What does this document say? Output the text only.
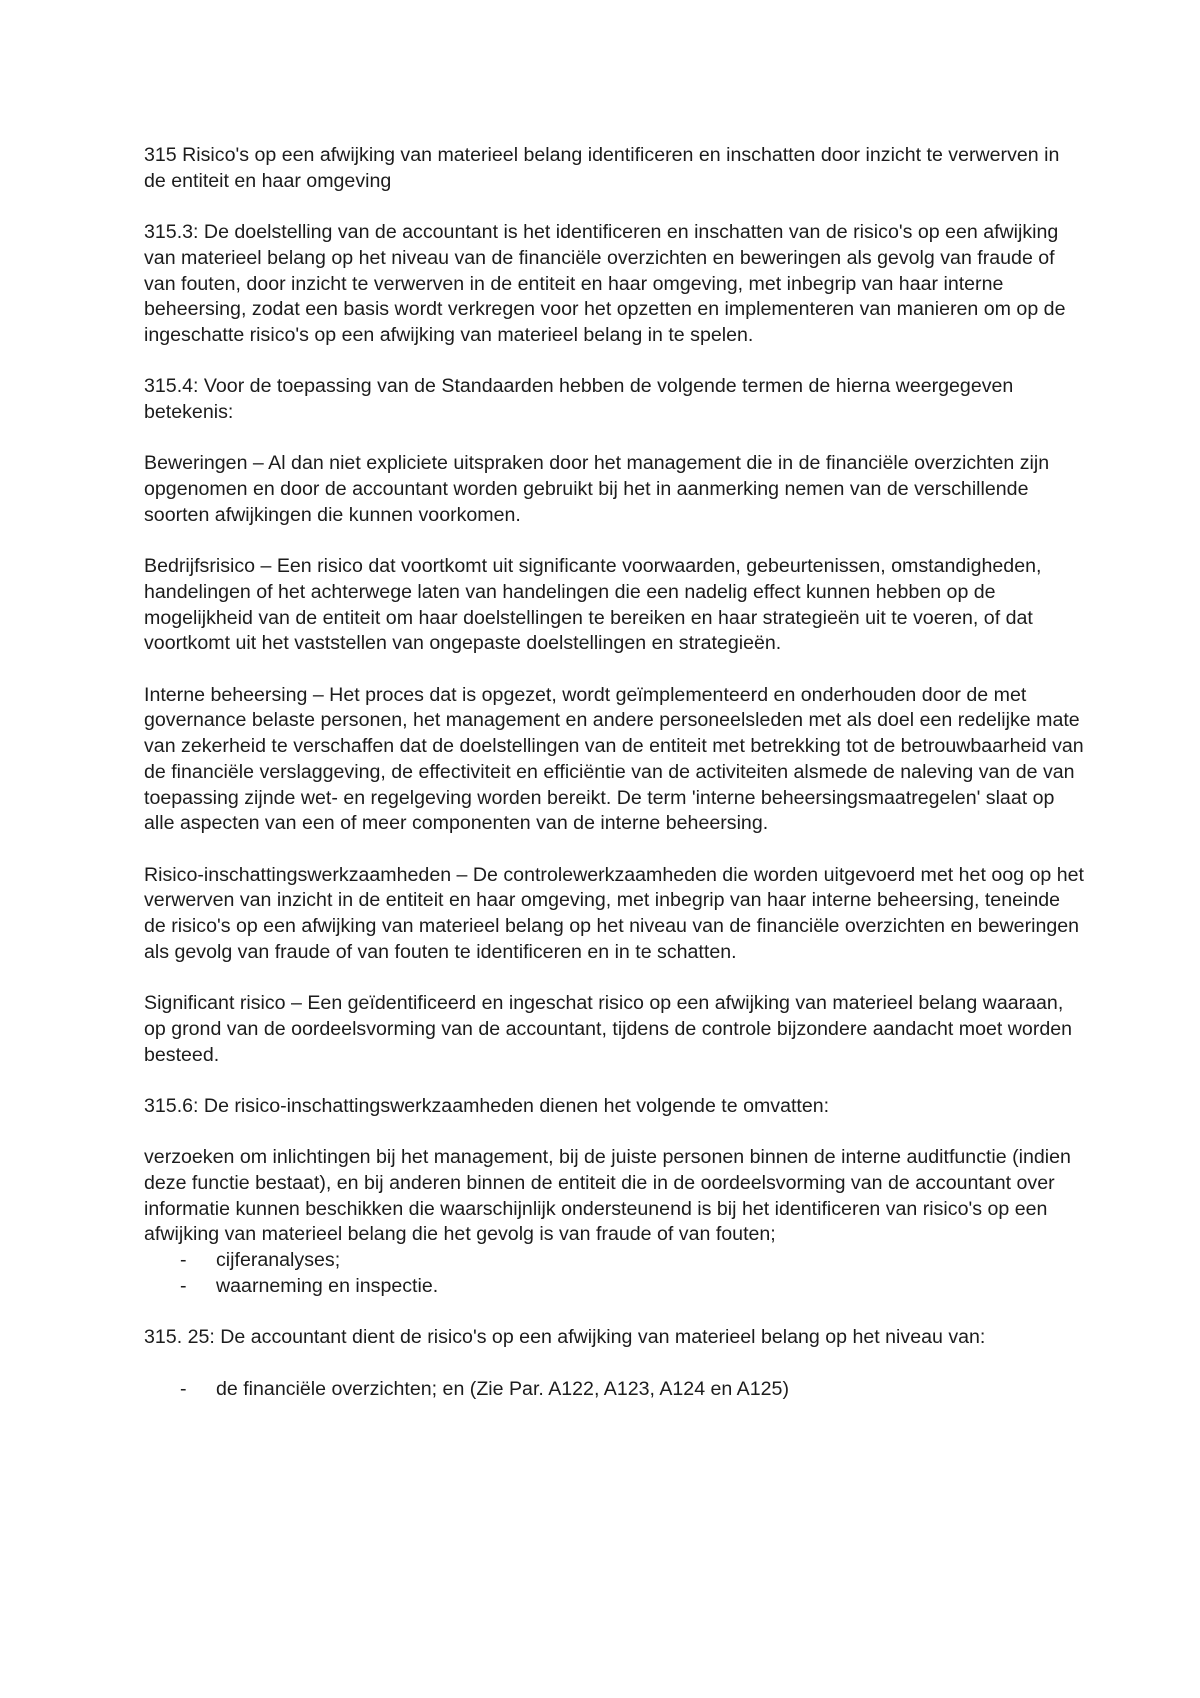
315 Risico's op een afwijking van materieel belang identificeren en inschatten door inzicht te verwerven in de entiteit en haar omgeving

315.3: De doelstelling van de accountant is het identificeren en inschatten van de risico's op een afwijking van materieel belang op het niveau van de financiële overzichten en beweringen als gevolg van fraude of van fouten, door inzicht te verwerven in de entiteit en haar omgeving, met inbegrip van haar interne beheersing, zodat een basis wordt verkregen voor het opzetten en implementeren van manieren om op de ingeschatte risico's op een afwijking van materieel belang in te spelen.

315.4: Voor de toepassing van de Standaarden hebben de volgende termen de hierna weergegeven betekenis:

Beweringen – Al dan niet expliciete uitspraken door het management die in de financiële overzichten zijn opgenomen en door de accountant worden gebruikt bij het in aanmerking nemen van de verschillende soorten afwijkingen die kunnen voorkomen.

Bedrijfsrisico – Een risico dat voortkomt uit significante voorwaarden, gebeurtenissen, omstandigheden, handelingen of het achterwege laten van handelingen die een nadelig effect kunnen hebben op de mogelijkheid van de entiteit om haar doelstellingen te bereiken en haar strategieën uit te voeren, of dat voortkomt uit het vaststellen van ongepaste doelstellingen en strategieën.

Interne beheersing – Het proces dat is opgezet, wordt geïmplementeerd en onderhouden door de met governance belaste personen, het management en andere personeelsleden met als doel een redelijke mate van zekerheid te verschaffen dat de doelstellingen van de entiteit met betrekking tot de betrouwbaarheid van de financiële verslaggeving, de effectiviteit en efficiëntie van de activiteiten alsmede de naleving van de van toepassing zijnde wet- en regelgeving worden bereikt. De term 'interne beheersingsmaatregelen' slaat op alle aspecten van een of meer componenten van de interne beheersing.

Risico-inschattingswerkzaamheden – De controlewerkzaamheden die worden uitgevoerd met het oog op het verwerven van inzicht in de entiteit en haar omgeving, met inbegrip van haar interne beheersing, teneinde de risico's op een afwijking van materieel belang op het niveau van de financiële overzichten en beweringen als gevolg van fraude of van fouten te identificeren en in te schatten.

Significant risico – Een geïdentificeerd en ingeschat risico op een afwijking van materieel belang waaraan, op grond van de oordeelsvorming van de accountant, tijdens de controle bijzondere aandacht moet worden besteed.

315.6: De risico-inschattingswerkzaamheden dienen het volgende te omvatten:

verzoeken om inlichtingen bij het management, bij de juiste personen binnen de interne auditfunctie (indien deze functie bestaat), en bij anderen binnen de entiteit die in de oordeelsvorming van de accountant over informatie kunnen beschikken die waarschijnlijk ondersteunend is bij het identificeren van risico's op een afwijking van materieel belang die het gevolg is van fraude of van fouten;

- cijferanalyses;
- waarneming en inspectie.

315. 25: De accountant dient de risico's op een afwijking van materieel belang op het niveau van:

- de financiële overzichten; en (Zie Par. A122, A123, A124 en A125)
